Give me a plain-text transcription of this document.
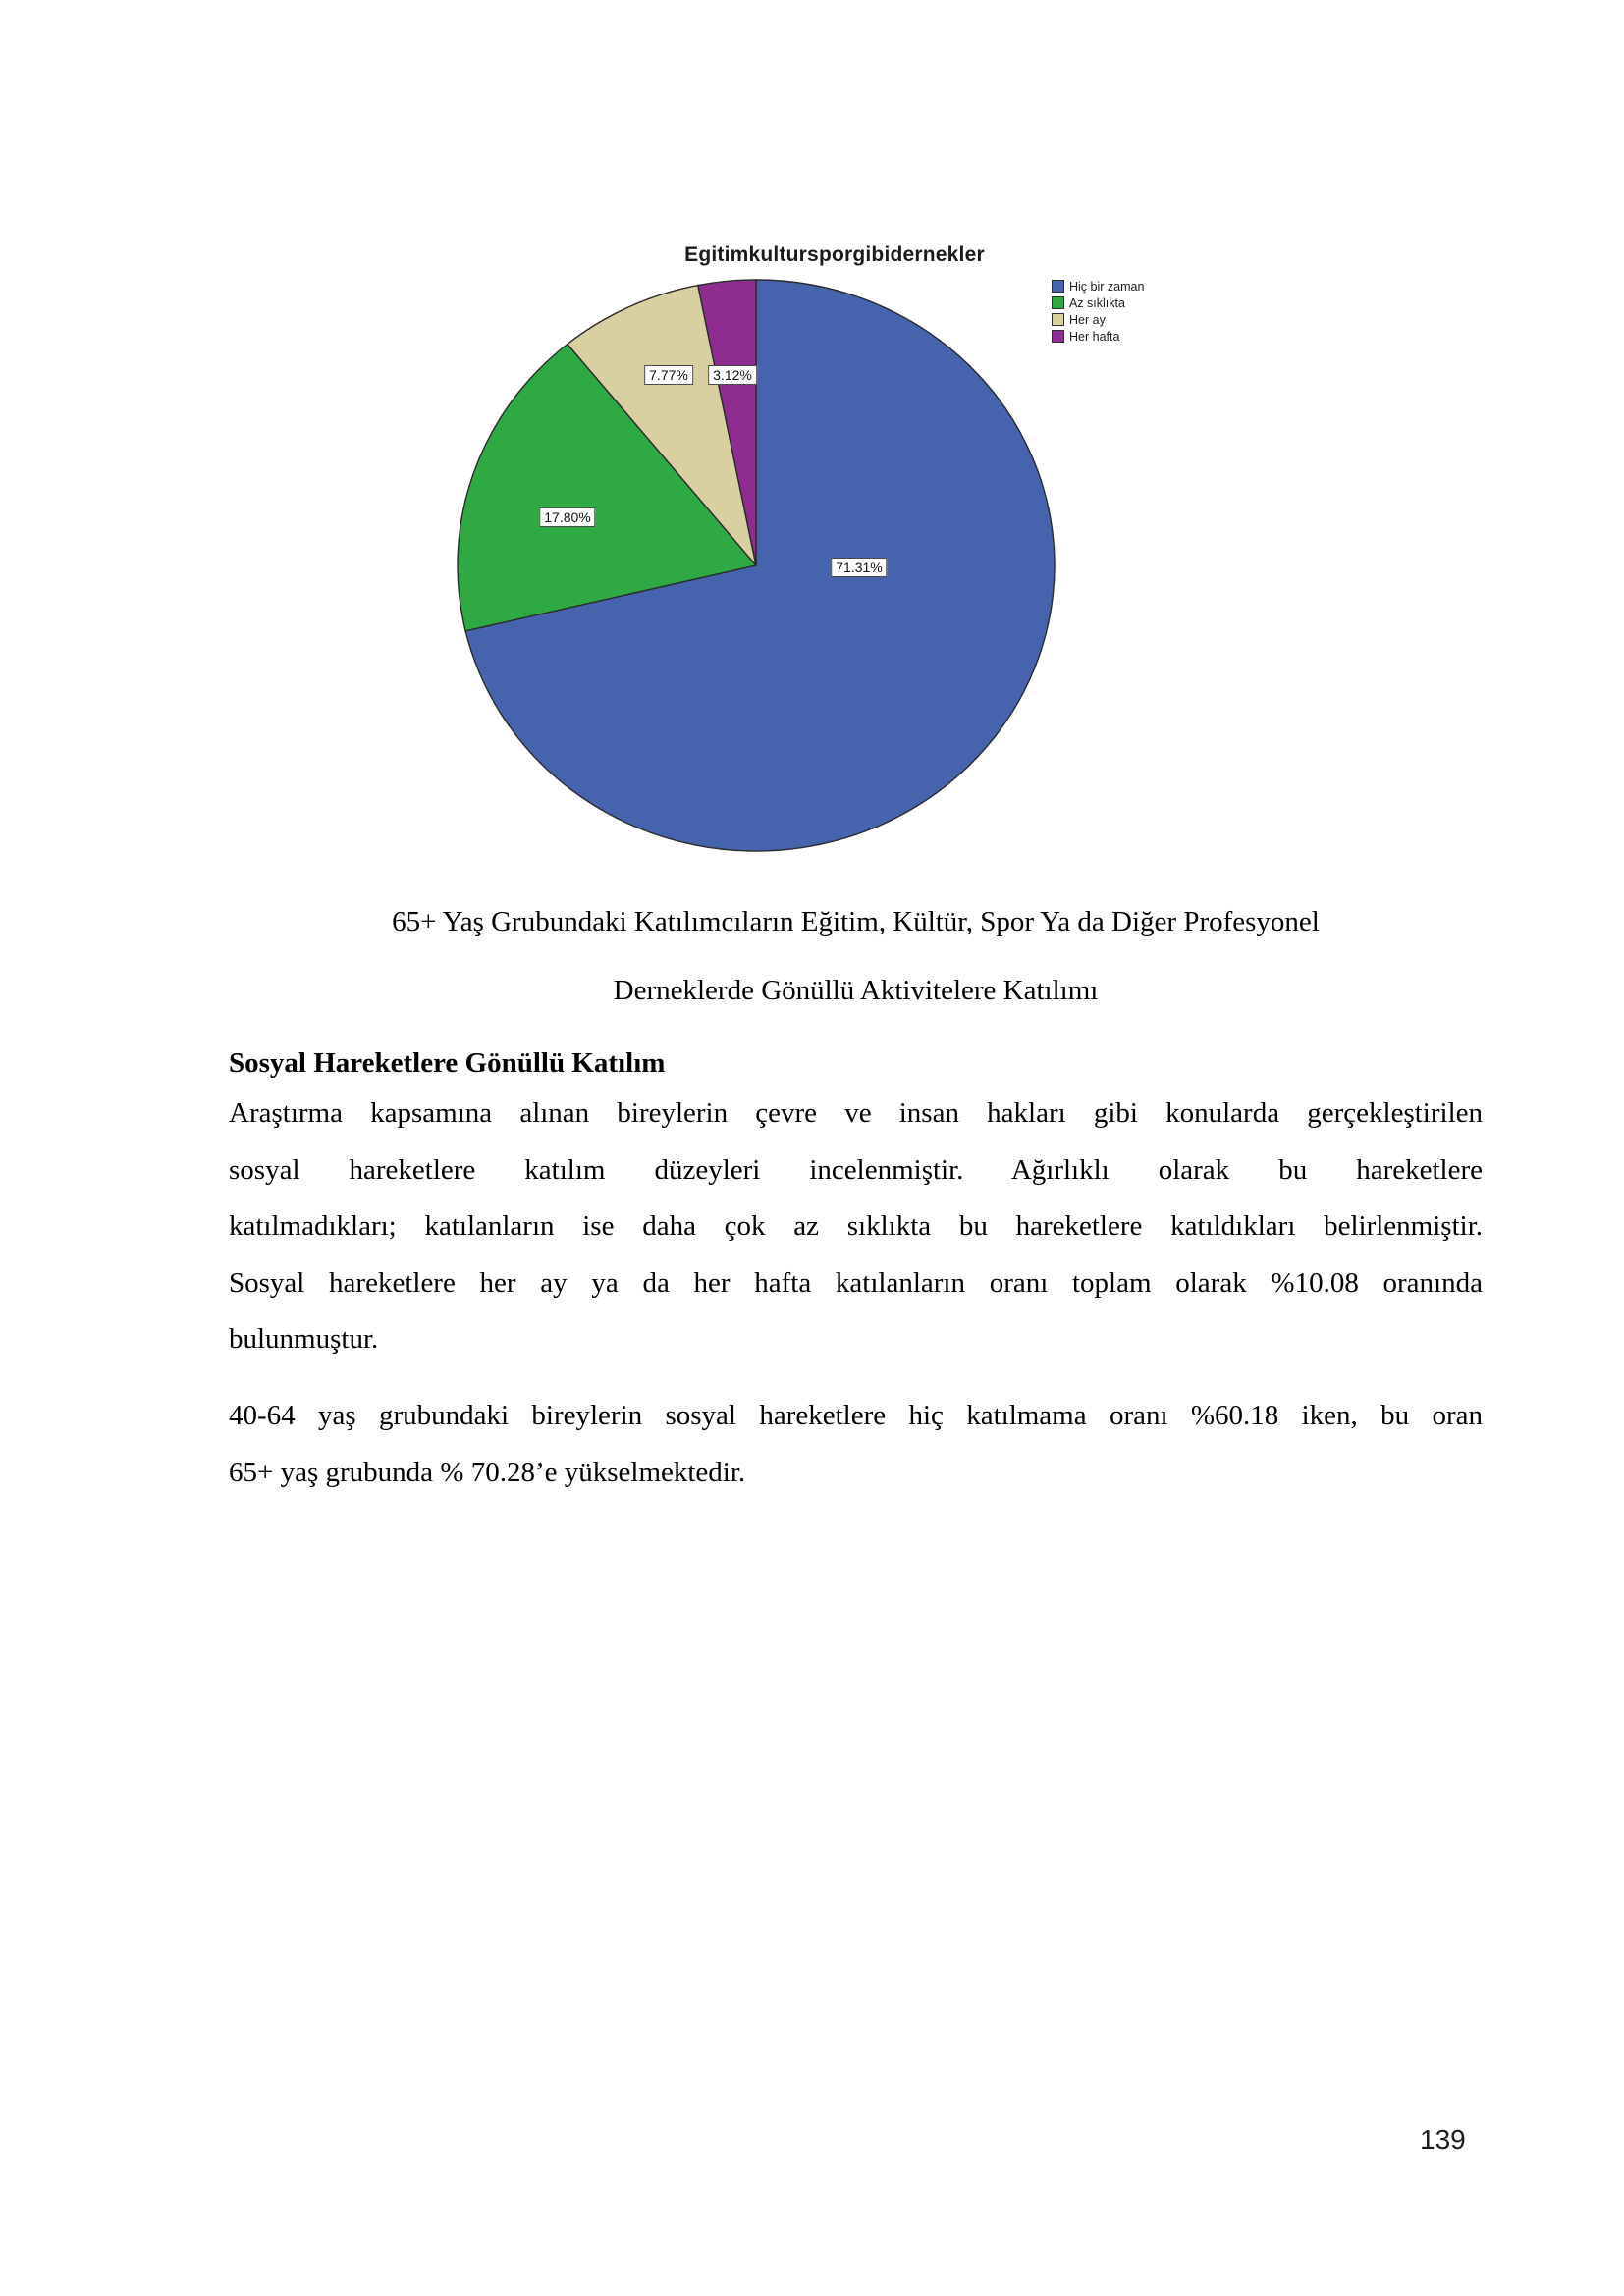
Egitimkultursporgibidernekler
71.31%
17.80%
7.77%	3.12%
Hiç bir zaman
Az sıklıkta
Her ay
Her hafta
65+ Yaş Grubundaki Katılımcıların Eğitim, Kültür, Spor Ya da Diğer Profesyonel
Derneklerde Gönüllü Aktivitelere Katılımı
Sosyal Hareketlere Gönüllü Katılım
Araştırma kapsamına alınan bireylerin çevre ve insan hakları gibi konularda gerçekleştirilen
sosyal hareketlere katılım düzeyleri incelenmiştir. Ağırlıklı olarak bu hareketlere
katılmadıkları; katılanların ise daha çok az sıklıkta bu hareketlere katıldıkları belirlenmiştir.
Sosyal hareketlere her ay ya da her hafta katılanların oranı toplam olarak %10.08 oranında
bulunmuştur.
40-64 yaş grubundaki bireylerin sosyal hareketlere hiç katılmama oranı %60.18 iken, bu oran
65+ yaş grubunda % 70.28’e yükselmektedir.
139
